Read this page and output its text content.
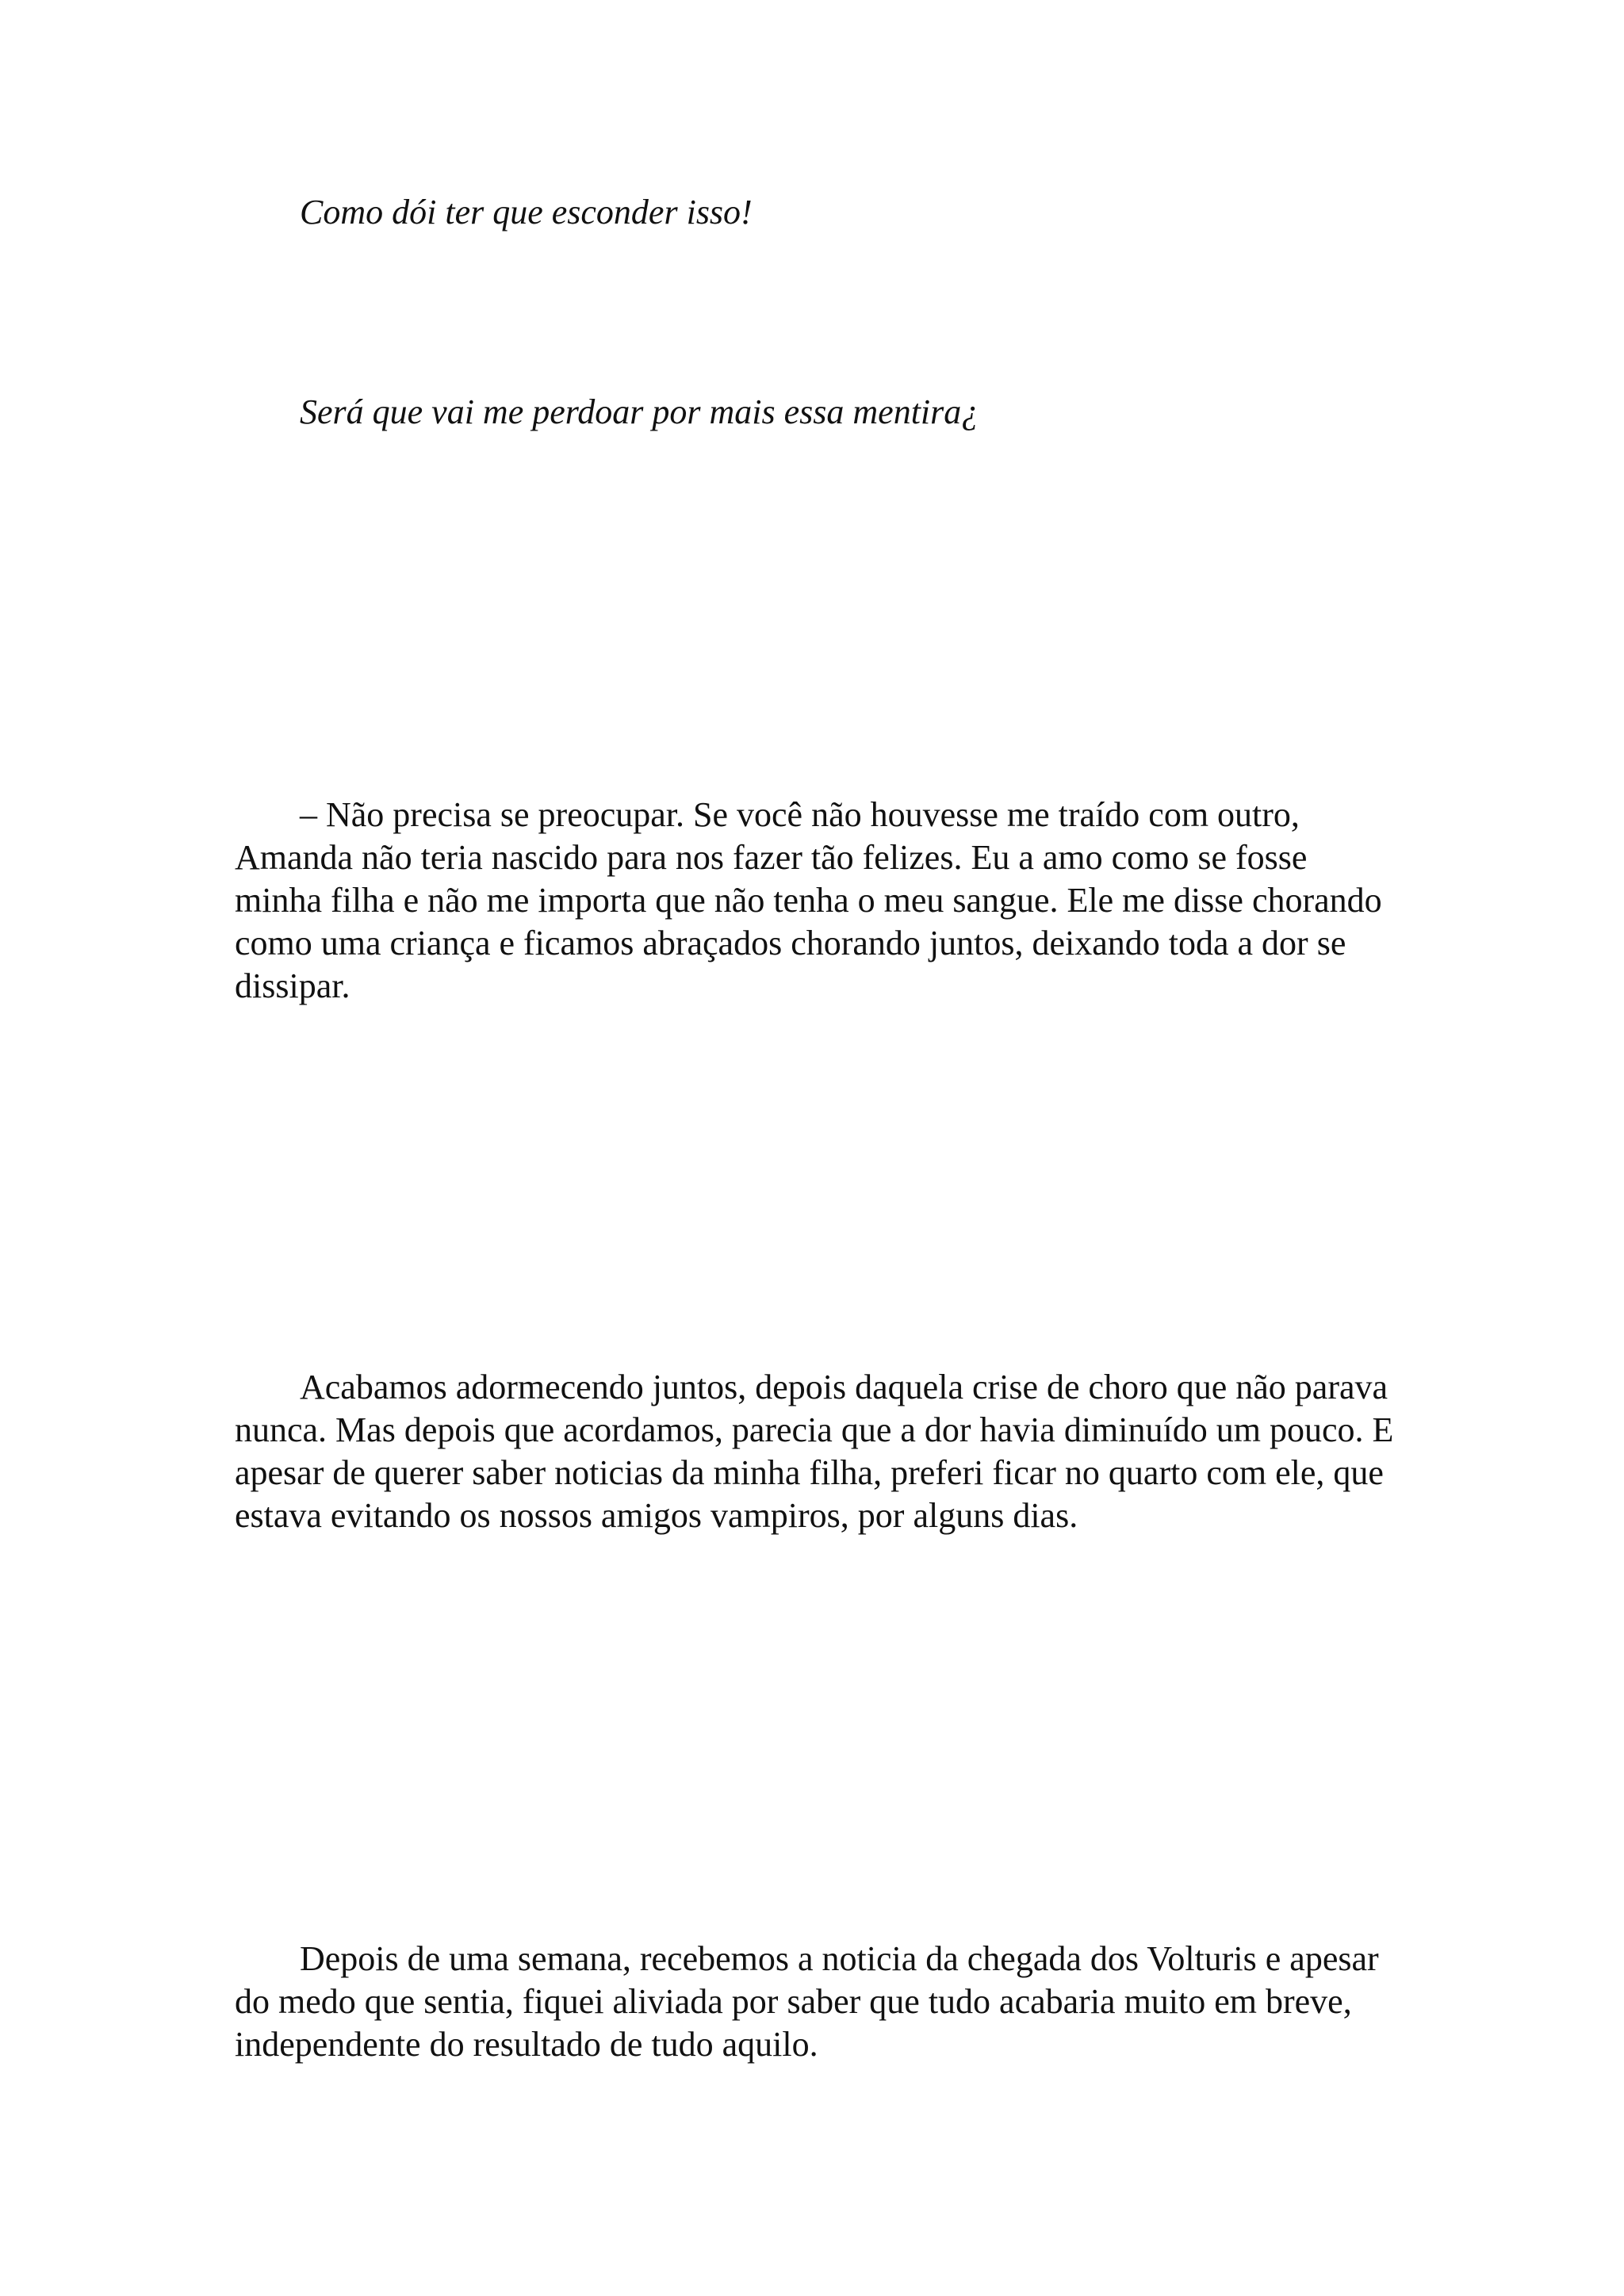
Como dói ter que esconder isso!

Será que vai me perdoar por mais essa mentira¿

– Não precisa se preocupar. Se você não houvesse me traído com outro, Amanda não teria nascido para nos fazer tão felizes. Eu a amo como se fosse minha filha e não me importa que não tenha o meu sangue. Ele me disse chorando como uma criança e ficamos abraçados chorando juntos, deixando toda a dor se dissipar.

Acabamos adormecendo juntos, depois daquela crise de choro que não parava nunca. Mas depois que acordamos, parecia que a dor havia diminuído um pouco. E apesar de querer saber noticias da minha filha, preferi ficar no quarto com ele, que estava evitando os nossos amigos vampiros, por alguns dias.

Depois de uma semana, recebemos a noticia da chegada dos Volturis e apesar do medo que sentia, fiquei aliviada por saber que tudo acabaria muito em breve, independente do resultado de tudo aquilo.
